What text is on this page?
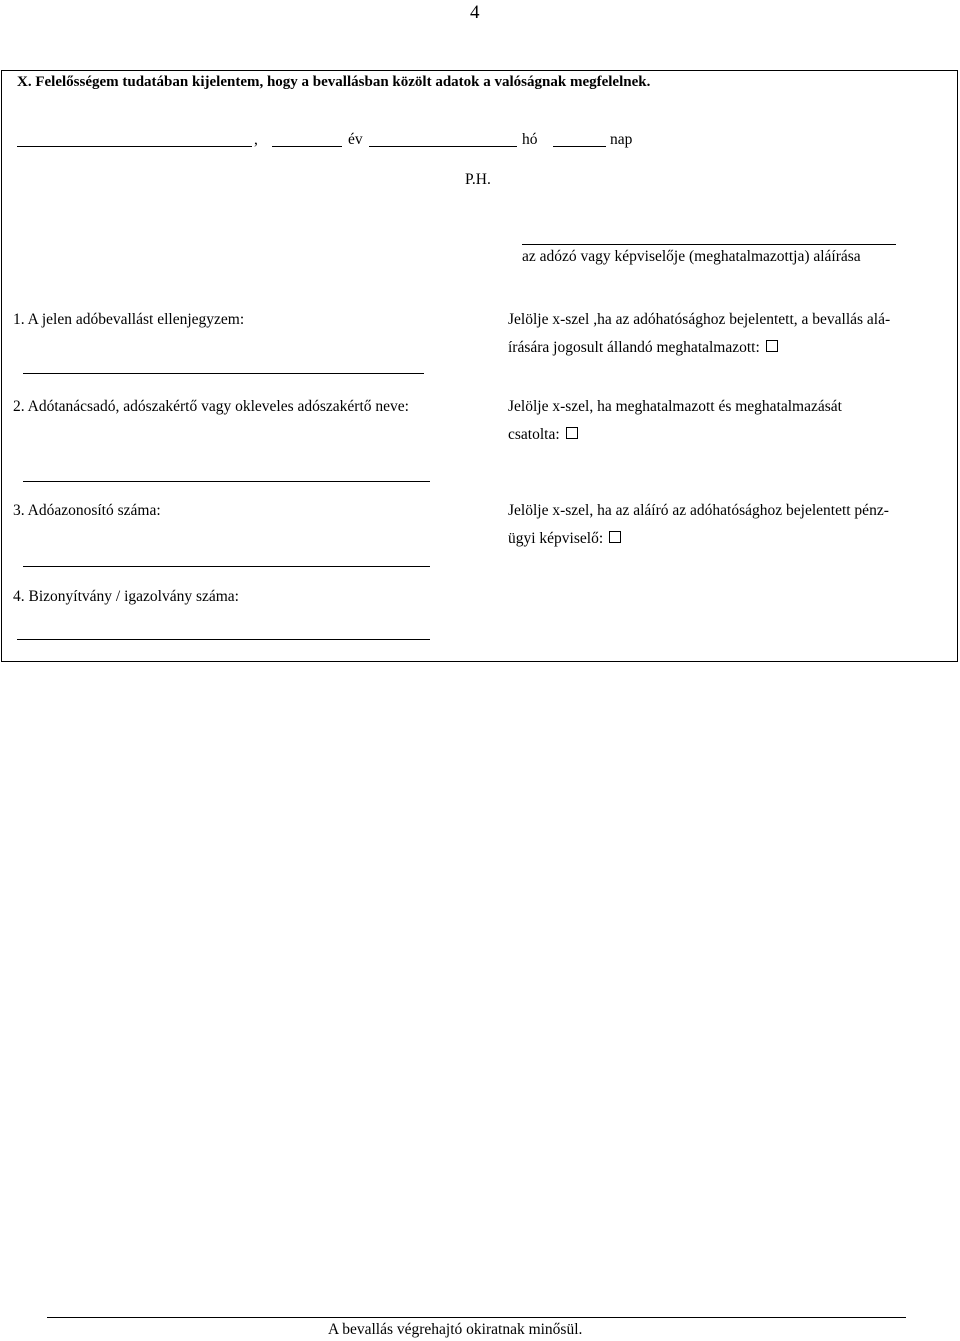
4
X. Felelősségem tudatában kijelentem, hogy a bevallásban közölt adatok a valóságnak megfelelnek.
,	év	hó	nap
P.H.
az adózó vagy képviselője (meghatalmazottja) aláírása
1. A jelen adóbevallást ellenjegyzem:	Jelölje x-szel ,ha az adóhatósághoz bejelentett, a bevallás alá-
írására jogosult állandó meghatalmazott:
2. Adótanácsadó, adószakértő vagy okleveles adószakértő neve:	Jelölje x-szel, ha meghatalmazott és meghatalmazását
csatolta:
3. Adóazonosító száma:	Jelölje x-szel, ha az aláíró az adóhatósághoz bejelentett pénz-
ügyi képviselő:
4. Bizonyítvány / igazolvány száma:
A bevallás végrehajtó okiratnak minősül.
